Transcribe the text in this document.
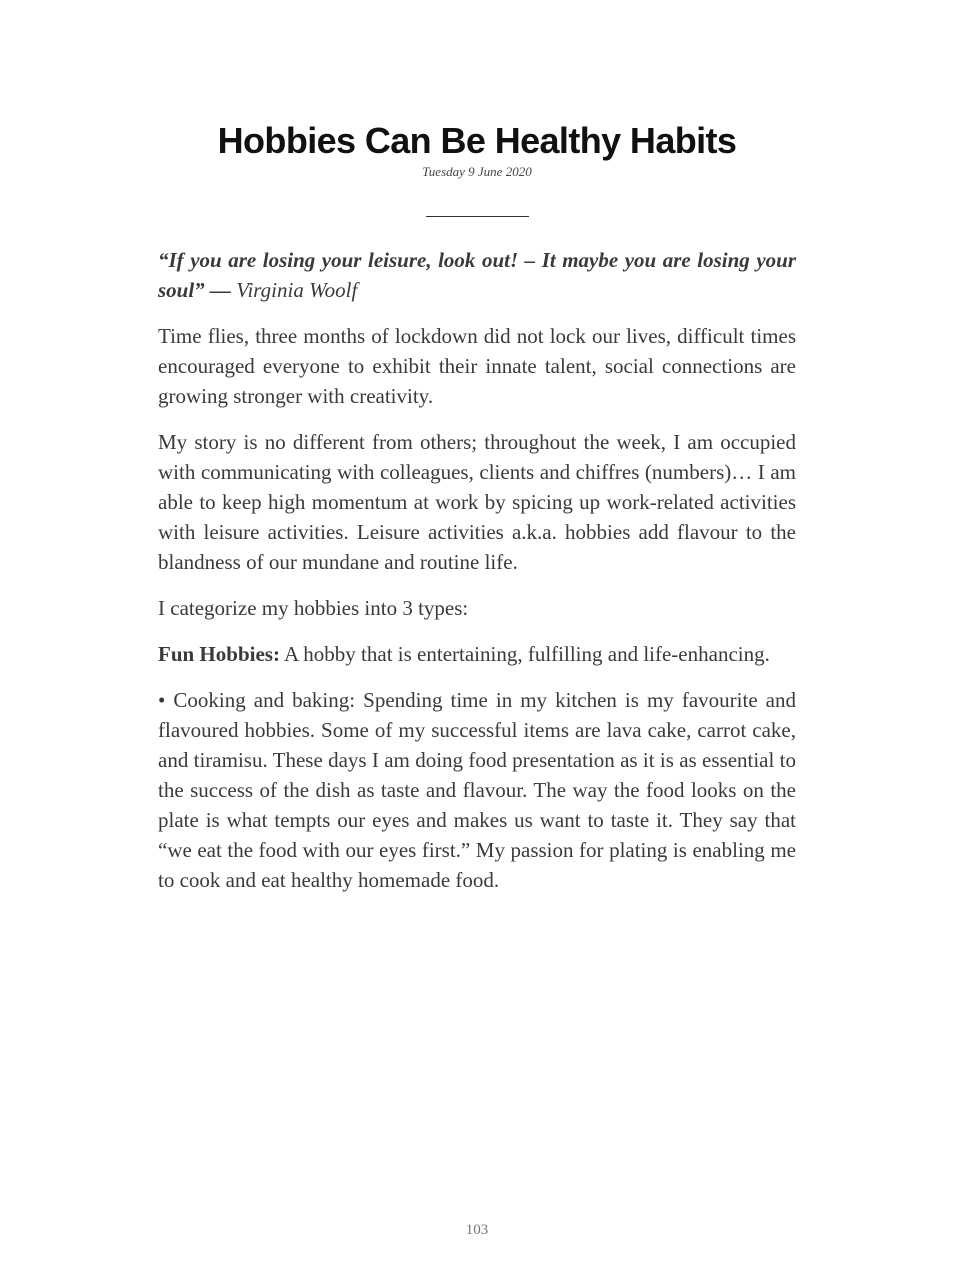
Hobbies Can Be Healthy Habits
Tuesday 9 June 2020

“If you are losing your leisure, look out! – It maybe you are losing your soul” — Virginia Woolf

Time flies, three months of lockdown did not lock our lives, difficult times encouraged everyone to exhibit their innate talent, social connections are growing stronger with creativity.

My story is no different from others; throughout the week, I am occupied with communicating with colleagues, clients and chiffres (numbers)… I am able to keep high momentum at work by spicing up work-related activities with leisure activities. Leisure activities a.k.a. hobbies add flavour to the blandness of our mundane and routine life.

I categorize my hobbies into 3 types:

Fun Hobbies: A hobby that is entertaining, fulfilling and life-enhancing.

• Cooking and baking: Spending time in my kitchen is my favourite and flavoured hobbies. Some of my successful items are lava cake, carrot cake, and tiramisu. These days I am doing food presentation as it is as essential to the success of the dish as taste and flavour. The way the food looks on the plate is what tempts our eyes and makes us want to taste it. They say that “we eat the food with our eyes first.” My passion for plating is enabling me to cook and eat healthy homemade food.

103
